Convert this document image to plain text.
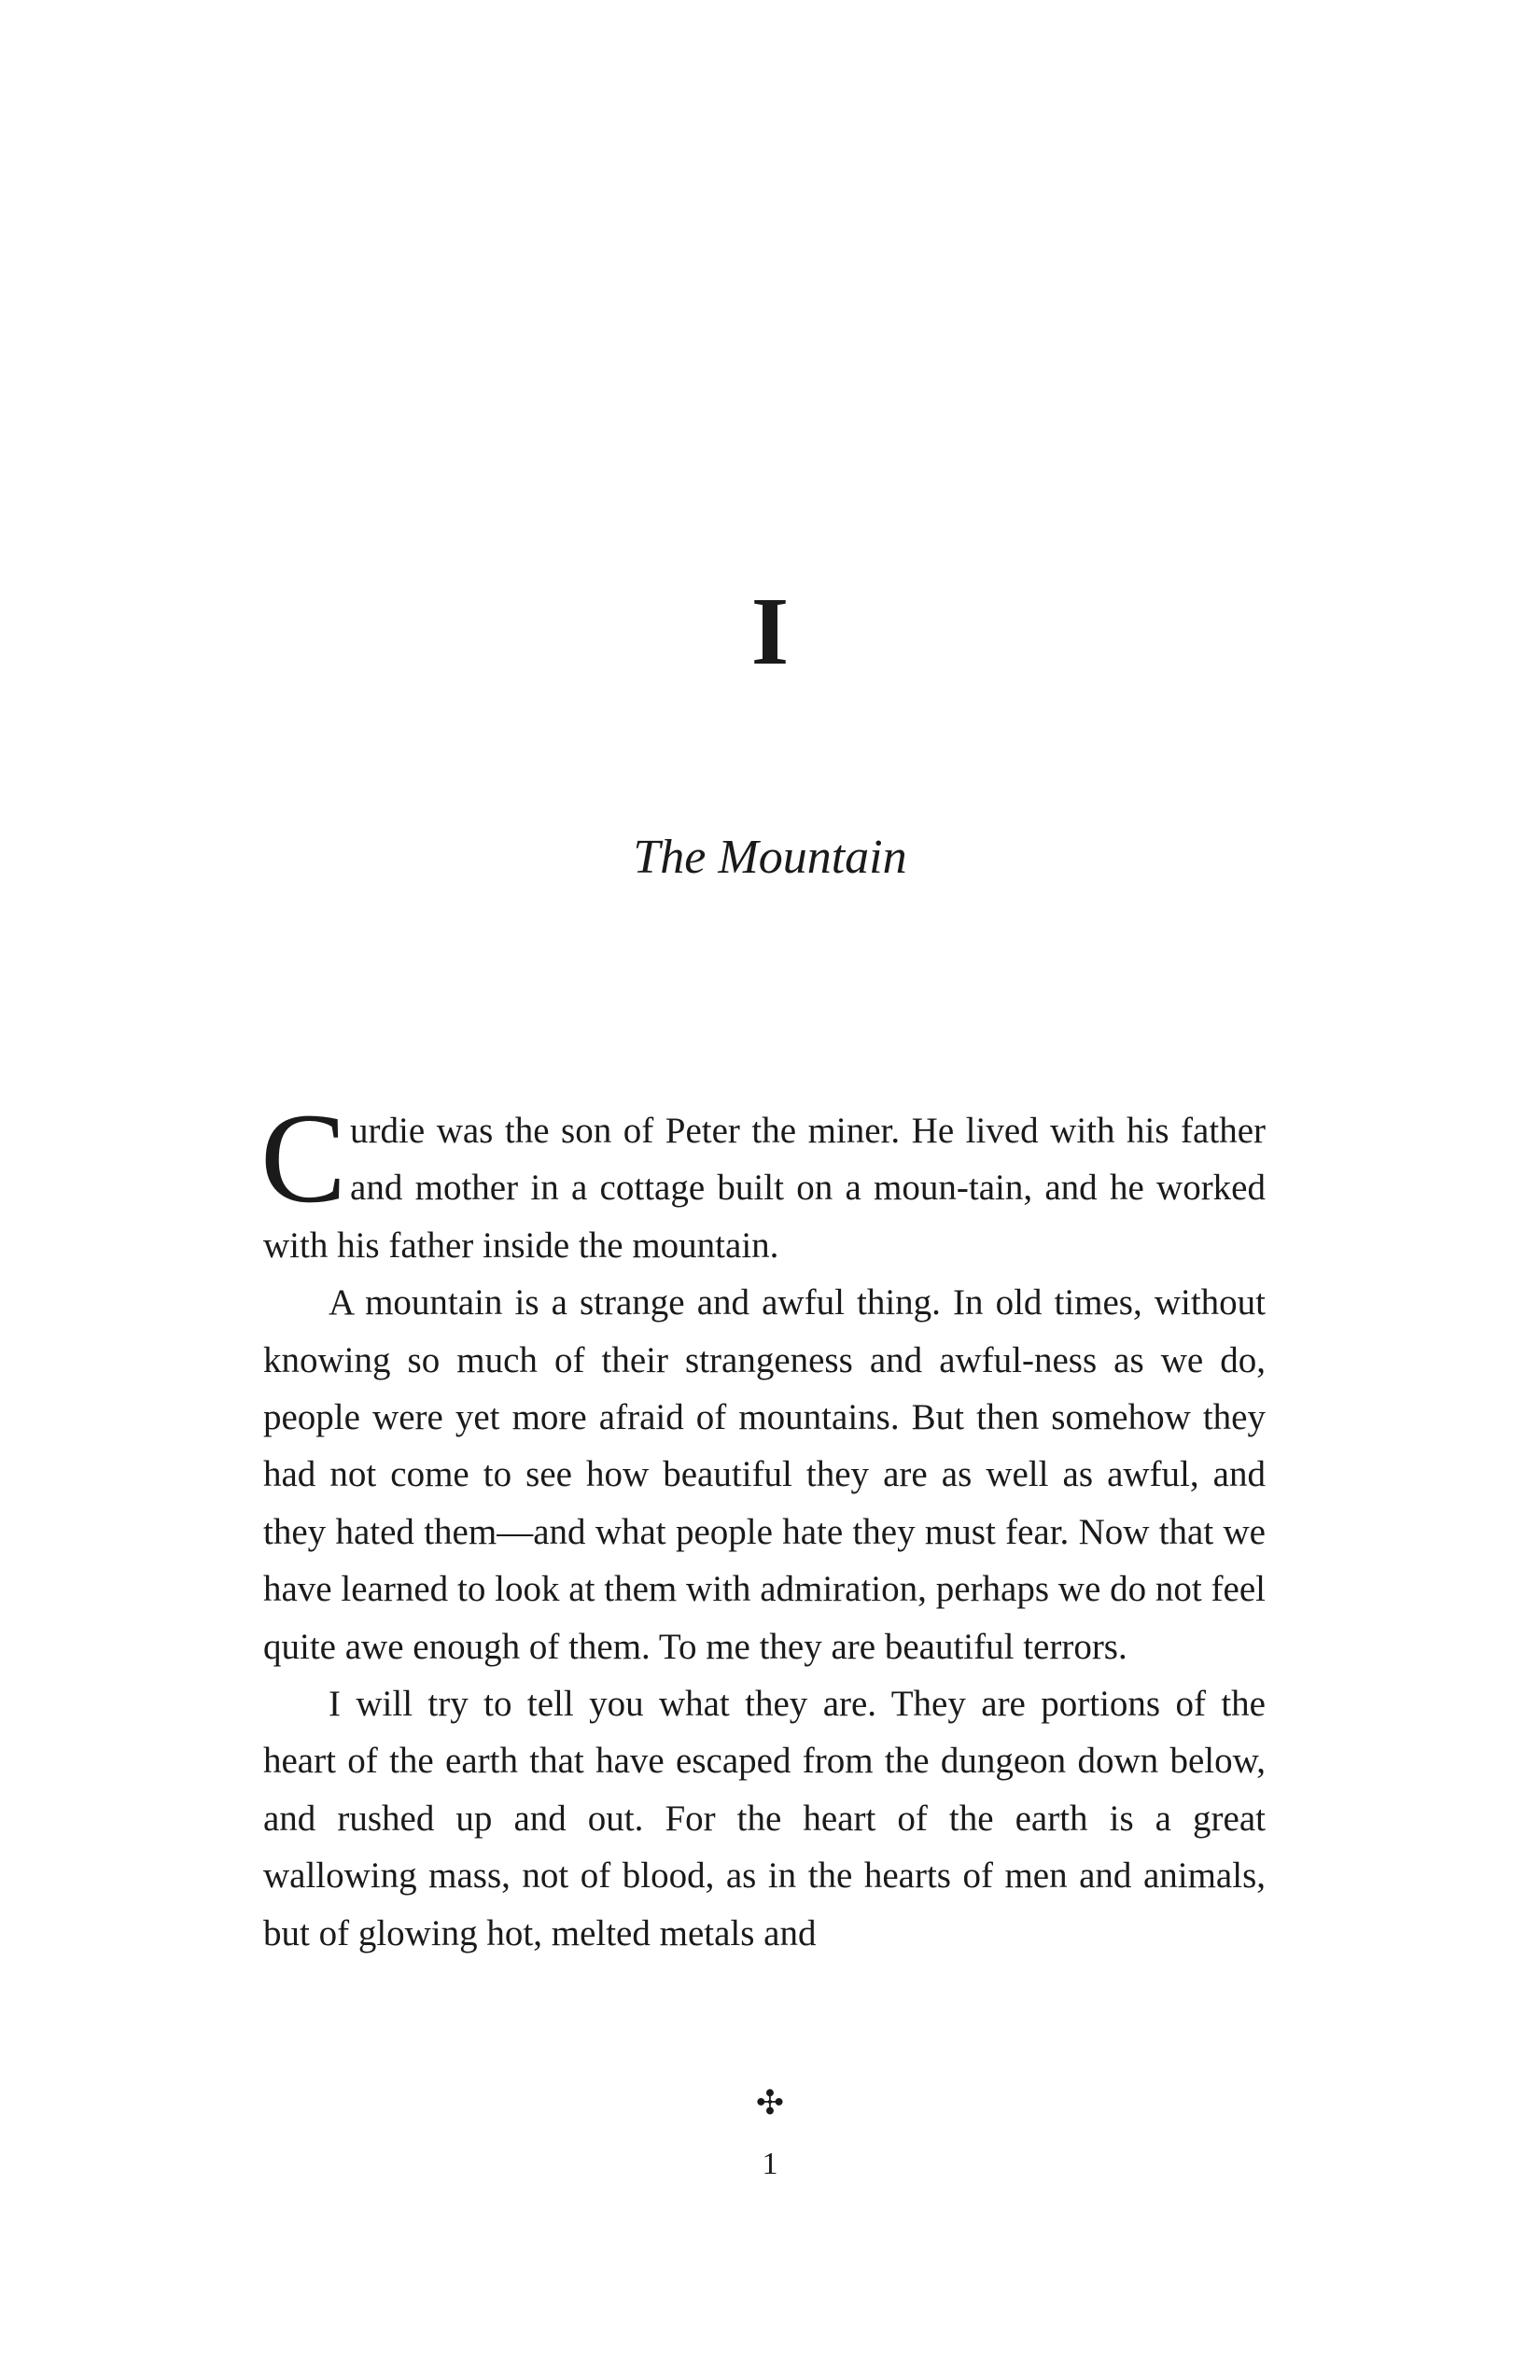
I
The Mountain

Curdie was the son of Peter the miner. He lived with his father and mother in a cottage built on a moun-tain, and he worked with his father inside the mountain.

A mountain is a strange and awful thing. In old times, without knowing so much of their strangeness and awful-ness as we do, people were yet more afraid of mountains. But then somehow they had not come to see how beautiful they are as well as awful, and they hated them—and what people hate they must fear. Now that we have learned to look at them with admiration, perhaps we do not feel quite awe enough of them. To me they are beautiful terrors.

I will try to tell you what they are. They are portions of the heart of the earth that have escaped from the dungeon down below, and rushed up and out. For the heart of the earth is a great wallowing mass, not of blood, as in the hearts of men and animals, but of glowing hot, melted metals and

✣
1
